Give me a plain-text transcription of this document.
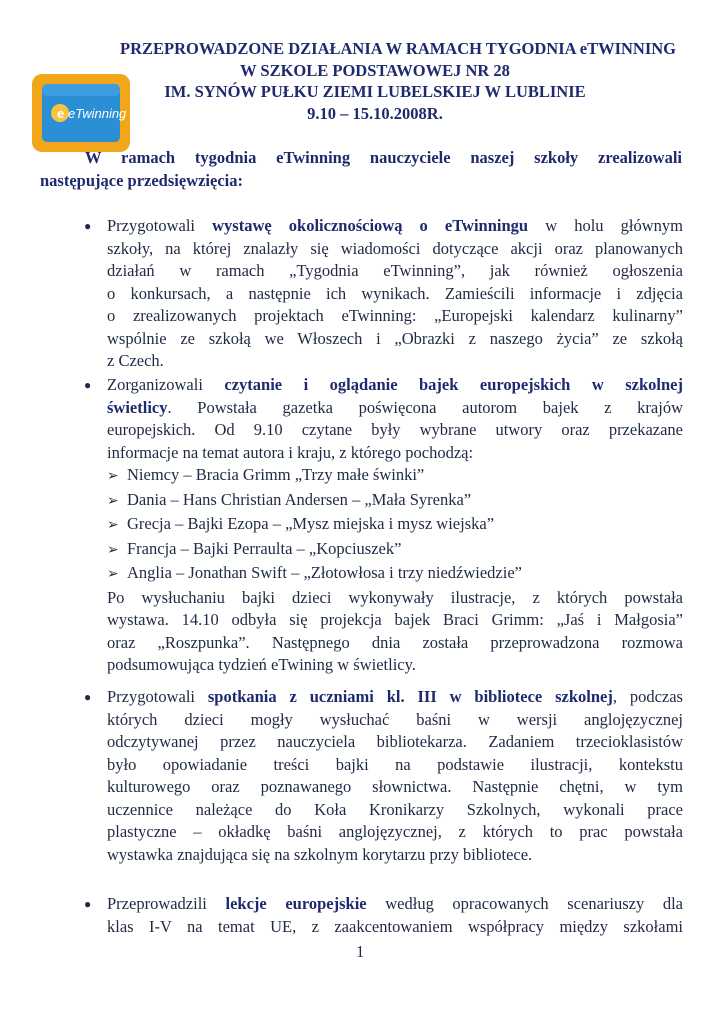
e eTwinning
PRZEPROWADZONE DZIAŁANIA W RAMACH TYGODNIA eTWINNING
W SZKOLE PODSTAWOWEJ NR 28
IM. SYNÓW PUŁKU ZIEMI LUBELSKIEJ W LUBLINIE
9.10 – 15.10.2008R.
W ramach tygodnia eTwinning nauczyciele naszej szkoły zrealizowali
następujące przedsięwzięcia:
● Przygotowali wystawę okolicznościową o eTwinningu w holu głównym
szkoły, na której znalazły się wiadomości dotyczące akcji oraz planowanych
działań w ramach „Tygodnia eTwinning”, jak również ogłoszenia
o konkursach, a następnie ich wynikach. Zamieścili informacje i zdjęcia
o zrealizowanych projektach eTwinning: „Europejski kalendarz kulinarny”
wspólnie ze szkołą we Włoszech i „Obrazki z naszego życia” ze szkołą
z Czech.
● Zorganizowali czytanie i oglądanie bajek europejskich w szkolnej
świetlicy. Powstała gazetka poświęcona autorom bajek z krajów
europejskich. Od 9.10 czytane były wybrane utwory oraz przekazane
informacje na temat autora i kraju, z którego pochodzą:
➢ Niemcy – Bracia Grimm „Trzy małe świnki”
➢ Dania – Hans Christian Andersen – „Mała Syrenka”
➢ Grecja – Bajki Ezopa – „Mysz miejska i mysz wiejska”
➢ Francja – Bajki Perraulta – „Kopciuszek”
➢ Anglia – Jonathan Swift – „Złotowłosa i trzy niedźwiedzie”
Po wysłuchaniu bajki dzieci wykonywały ilustracje, z których powstała
wystawa. 14.10 odbyła się projekcja bajek Braci Grimm: „Jaś i Małgosia”
oraz „Roszpunka”. Następnego dnia została przeprowadzona rozmowa
podsumowująca tydzień eTwining w świetlicy.
● Przygotowali spotkania z uczniami kl. III w bibliotece szkolnej, podczas
których dzieci mogły wysłuchać baśni w wersji anglojęzycznej
odczytywanej przez nauczyciela bibliotekarza. Zadaniem trzecioklasistów
było opowiadanie treści bajki na podstawie ilustracji, kontekstu
kulturowego oraz poznawanego słownictwa. Następnie chętni, w tym
uczennice należące do Koła Kronikarzy Szkolnych, wykonali prace
plastyczne – okładkę baśni anglojęzycznej, z których to prac powstała
wystawka znajdująca się na szkolnym korytarzu przy bibliotece.
● Przeprowadzili lekcje europejskie według opracowanych scenariuszy dla
klas I-V na temat UE, z zaakcentowaniem współpracy między szkołami
1
